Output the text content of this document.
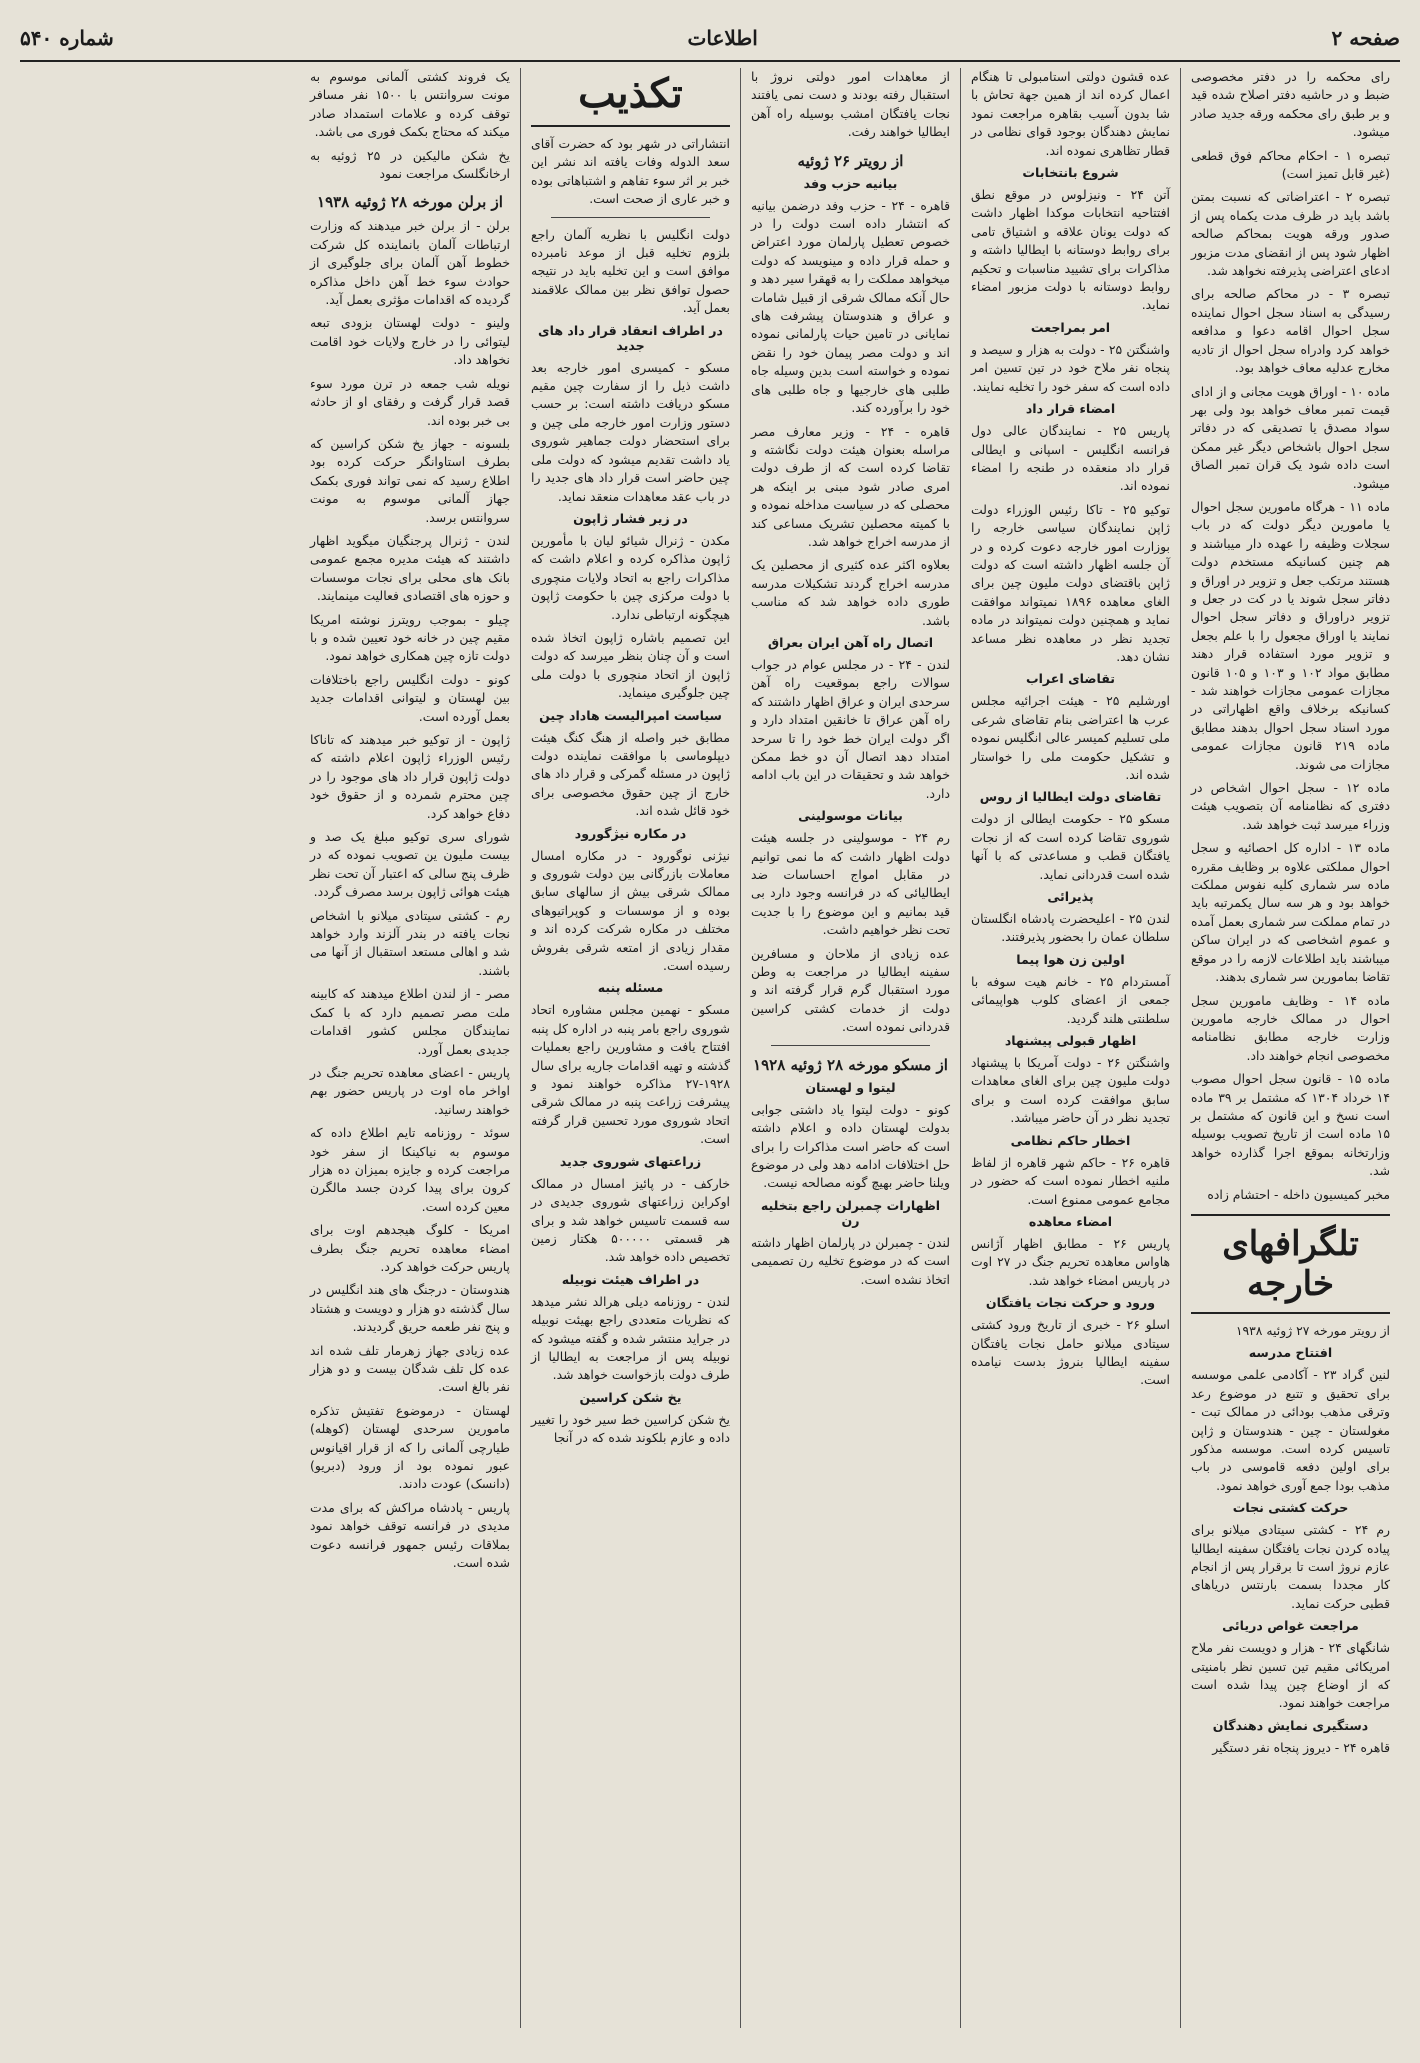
صفحه ۲
اطلاعات
شماره ۵۴۰

رای محکمه را در دفتر مخصوصی ضبط و در حاشیه دفتر اصلاح شده قید و بر طبق رای محکمه ورقه جدید صادر میشود.

تبصره ۱ - احکام محاکم فوق قطعی (غیر قابل تمیز است)

تبصره ۲ - اعتراضاتی که نسبت بمتن باشد باید در ظرف مدت یکماه پس از صدور ورقه هویت بمحاکم صالحه اظهار شود پس از انقضای مدت مزبور ادعای اعتراضی پذیرفته نخواهد شد.

تبصره ۳ - در محاکم صالحه برای رسیدگی به اسناد سجل احوال نماینده سجل احوال اقامه دعوا و مدافعه خواهد کرد وادراه سجل احوال از تادیه مخارج عدلیه معاف خواهد بود.

ماده ۱۰ - اوراق هویت مجانی و از ادای قیمت تمبر معاف خواهد بود ولی بهر سواد مصدق یا تصدیقی که در دفاتر سجل احوال باشخاص دیگر غیر ممکن است داده شود یک قران تمبر الصاق میشود.

ماده ۱۱ - هرگاه مامورین سجل احوال یا مامورین دیگر دولت که در باب سجلات وظیفه را عهده دار میباشند و هم چنین کسانیکه مستخدم دولت هستند مرتکب جعل و تزویر در اوراق و دفاتر سجل شوند یا در کت در جعل و تزویر دراوراق و دفاتر سجل احوال نمایند یا اوراق مجعول را با علم بجعل و تزویر مورد استفاده قرار دهند مطابق مواد ۱۰۲ و ۱۰۳ و ۱۰۵ قانون مجازات عمومی مجازات خواهند شد - کسانیکه برخلاف واقع اظهاراتی در مورد اسناد سجل احوال بدهند مطابق ماده ۲۱۹ قانون مجازات عمومی مجازات می شوند.

ماده ۱۲ - سجل احوال اشخاص در دفتری که نظامنامه آن بتصویب هیئت وزراء میرسد ثبت خواهد شد.

ماده ۱۳ - اداره کل احصائیه و سجل احوال مملکتی علاوه بر وظایف مقرره ماده سر شماری کلیه نفوس مملکت خواهد بود و هر سه سال یکمرتبه باید در تمام مملکت سر شماری بعمل آمده و عموم اشخاصی که در ایران ساکن میباشند باید اطلاعات لازمه را در موقع تقاضا بمامورین سر شماری بدهند.

ماده ۱۴ - وظایف مامورین سجل احوال در ممالک خارجه مامورین وزارت خارجه مطابق نظامنامه مخصوصی انجام خواهند داد.

ماده ۱۵ - قانون سجل احوال مصوب ۱۴ خرداد ۱۳۰۴ که مشتمل بر ۳۹ ماده است نسخ و این قانون که مشتمل بر ۱۵ ماده است از تاریخ تصویب بوسیله وزارتخانه بموقع اجرا گذارده خواهد شد.

مخبر کمیسیون داخله - احتشام زاده

تلگرافهای خارجه

از رویتر مورخه ۲۷ ژوئیه ۱۹۳۸

افتتاح مدرسه

لنین گراد ۲۳ - آکادمی علمی موسسه برای تحقیق و تتبع در موضوع رعد وترقی مذهب بودائی در ممالک تبت - مغولستان - چین - هندوستان و ژاپن تاسیس کرده است. موسسه مذکور برای اولین دفعه قاموسی در باب مذهب بودا جمع آوری خواهد نمود.

حرکت کشتی نجات

رم ۲۴ - کشتی سیتادی میلانو برای پیاده کردن نجات یافتگان سفینه ایطالیا عازم نروژ است تا برقرار پس از انجام کار مجددا بسمت بارنتس دریاهای قطبی حرکت نماید.

مراجعت غواص دریائی

شانگهای ۲۴ - هزار و دویست نفر ملاح امریکائی مقیم تین تسین نظر بامنیتی که از اوضاع چین پیدا شده است مراجعت خواهند نمود.

دستگیری نمایش دهندگان

قاهره ۲۴ - دیروز پنجاه نفر دستگیر

عده قشون دولتی استامبولی تا هنگام اعمال کرده اند از همین جهة تحاش با شا بدون آسیب بقاهره مراجعت نمود نمایش دهندگان بوجود قوای نظامی در قطار تظاهری نموده اند.

شروع بانتخابات

آتن ۲۴ - ونیزلوس در موقع نطق افتتاحیه انتخابات موکدا اظهار داشت که دولت یونان علاقه و اشتیاق تامی برای روابط دوستانه با ایطالیا داشته و مذاکرات برای تشیید مناسبات و تحکیم روابط دوستانه با دولت مزبور امضاء نماید.

امر بمراجعت

واشنگتن ۲۵ - دولت به هزار و سیصد و پنجاه نفر ملاح خود در تین تسین امر داده است که سفر خود را تخلیه نمایند.

امضاء قرار داد

پاریس ۲۵ - نمایندگان عالی دول فرانسه انگلیس - اسپانی و ایطالی قرار داد منعقده در طنجه را امضاء نموده اند.

توکیو ۲۵ - تاکا رئیس الوزراء دولت ژاپن نمایندگان سیاسی خارجه را بوزارت امور خارجه دعوت کرده و در آن جلسه اظهار داشته است که دولت ژاپن باقتضای دولت ملیون چین برای الغای معاهده ۱۸۹۶ نمیتواند موافقت نماید و همچنین دولت نمیتواند در ماده تجدید نظر در معاهده نظر مساعد نشان دهد.

تقاضای اعراب

اورشلیم ۲۵ - هیئت اجرائیه مجلس عرب ها اعتراضی بنام تقاضای شرعی ملی تسلیم کمیسر عالی انگلیس نموده و تشکیل حکومت ملی را خواستار شده اند.

تقاضای دولت ایطالیا از روس

مسکو ۲۵ - حکومت ایطالی از دولت شوروی تقاضا کرده است که از نجات یافتگان قطب و مساعدتی که با آنها شده است قدردانی نماید.

پذیرائی

لندن ۲۵ - اعلیحضرت پادشاه انگلستان سلطان عمان را بحضور پذیرفتند.

اولین زن هوا پیما

آمستردام ۲۵ - خانم هیت سوفه با جمعی از اعضای کلوب هواپیمائی سلطنتی هلند گردید.

اظهار قبولی پیشنهاد

واشنگتن ۲۶ - دولت آمریکا با پیشنهاد دولت ملیون چین برای الغای معاهدات سابق موافقت کرده است و برای تجدید نظر در آن حاضر میباشد.

اخطار حاکم نظامی

قاهره ۲۶ - حاکم شهر قاهره از لفاظ ملنیه اخطار نموده است که حضور در مجامع عمومی ممنوع است.

امضاء معاهده

پاریس ۲۶ - مطابق اظهار آژانس هاواس معاهده تحریم جنگ در ۲۷ اوت در پاریس امضاء خواهد شد.

ورود و حرکت نجات یافتگان

اسلو ۲۶ - خبری از تاریخ ورود کشتی سیتادی میلانو حامل نجات یافتگان سفینه ایطالیا بنروژ بدست نیامده است.

از معاهدات امور دولتی نروژ با استقبال رفته بودند و دست نمی یافتند نجات یافتگان امشب بوسیله راه آهن ایطالیا خواهند رفت.

از رویتر ۲۶ ژوئیه
بیانیه حزب وفد

قاهره - ۲۴ - حزب وفد درضمن بیانیه که انتشار داده است دولت را در خصوص تعطیل پارلمان مورد اعتراض و حمله قرار داده و مینویسد که دولت میخواهد مملکت را به قهقرا سیر دهد و حال آنکه ممالک شرقی از قبیل شامات و عراق و هندوستان پیشرفت های نمایانی در تامین حیات پارلمانی نموده اند و دولت مصر پیمان خود را نقض نموده و خواسته است بدین وسیله جاه طلبی های خارجیها و جاه طلبی های خود را برآورده کند.

قاهره - ۲۴ - وزیر معارف مصر مراسله بعنوان هیئت دولت نگاشته و تقاضا کرده است که از طرف دولت امری صادر شود مبنی بر اینکه هر محصلی که در سیاست مداخله نموده و با کمیته محصلین تشریک مساعی کند از مدرسه اخراج خواهد شد.

بعلاوه اکثر عده کثیری از محصلین یک مدرسه اخراج گردند تشکیلات مدرسه طوری داده خواهد شد که مناسب باشد.

اتصال راه آهن ایران بعراق

لندن - ۲۴ - در مجلس عوام در جواب سوالات راجع بموقعیت راه آهن سرحدی ایران و عراق اظهار داشتند که راه آهن عراق تا خانقین امتداد دارد و اگر دولت ایران خط خود را تا سرحد امتداد دهد اتصال آن دو خط ممکن خواهد شد و تحقیقات در این باب ادامه دارد.

بیانات موسولینی

رم ۲۴ - موسولینی در جلسه هیئت دولت اظهار داشت که ما نمی توانیم در مقابل امواج احساسات ضد ایطالیائی که در فرانسه وجود دارد بی قید بمانیم و این موضوع را با جدیت تحت نظر خواهیم داشت.

عده زیادی از ملاحان و مسافرین سفینه ایطالیا در مراجعت به وطن مورد استقبال گرم قرار گرفته اند و دولت از خدمات کشتی کراسین قدردانی نموده است.

از مسکو مورخه ۲۸ ژوئیه ۱۹۲۸
لیتوا و لهستان

کونو - دولت لیتوا یاد داشتی جوابی بدولت لهستان داده و اعلام داشته است که حاضر است مذاکرات را برای حل اختلافات ادامه دهد ولی در موضوع ویلنا حاضر بهیچ گونه مصالحه نیست.

اظهارات چمبرلن راجع بتخلیه رن

لندن - چمبرلن در پارلمان اظهار داشته است که در موضوع تخلیه رن تصمیمی اتخاذ نشده است.

تکذیب

انتشاراتی در شهر بود که حضرت آقای سعد الدوله وفات یافته اند نشر این خبر بر اثر سوء تفاهم و اشتباهاتی بوده و خبر عاری از صحت است.

دولت انگلیس با نظریه آلمان راجع بلزوم تخلیه قبل از موعد نامبرده موافق است و این تخلیه باید در نتیجه حصول توافق نظر بین ممالک علاقمند بعمل آید.

در اطراف انعقاد قرار داد های جدید

مسکو - کمیسری امور خارجه بعد داشت ذیل را از سفارت چین مقیم مسکو دریافت داشته است: بر حسب دستور وزارت امور خارجه ملی چین و برای استحضار دولت جماهیر شوروی یاد داشت تقدیم میشود که دولت ملی چین حاضر است قرار داد های جدید را در باب عقد معاهدات منعقد نماید.

در زیر فشار ژاپون

مکدن - ژنرال شیائو لیان با مأمورین ژاپون مذاکره کرده و اعلام داشت که مذاکرات راجع به اتحاد ولایات منچوری با دولت مرکزی چین با حکومت ژاپون هیچگونه ارتباطی ندارد.

این تصمیم باشاره ژاپون اتخاذ شده است و آن چنان بنظر میرسد که دولت ژاپون از اتحاد منچوری با دولت ملی چین جلوگیری مینماید.

سیاست امپرالیست هاداد چین

مطابق خبر واصله از هنگ کنگ هیئت دیپلوماسی با موافقت نماینده دولت ژاپون در مسئله گمرکی و قرار داد های خارج از چین حقوق مخصوصی برای خود قائل شده اند.

در مکاره نیژگورود

نیژنی نوگورود - در مکاره امسال معاملات بازرگانی بین دولت شوروی و ممالک شرقی بیش از سالهای سابق بوده و از موسسات و کوپراتیوهای مختلف در مکاره شرکت کرده اند و مقدار زیادی از امتعه شرقی بفروش رسیده است.

مسئله پنبه

مسکو - نهمین مجلس مشاوره اتحاد شوروی راجع بامر پنبه در اداره کل پنبه افتتاح یافت و مشاورین راجع بعملیات گذشته و تهیه اقدامات جاریه برای سال ۱۹۲۸-۲۷ مذاکره خواهند نمود و پیشرفت زراعت پنبه در ممالک شرقی اتحاد شوروی مورد تحسین قرار گرفته است.

زراعتهای شوروی جدید

خارکف - در پائیز امسال در ممالک اوکراین زراعتهای شوروی جدیدی در سه قسمت تاسیس خواهد شد و برای هر قسمتی ۵۰۰۰۰۰ هکتار زمین تخصیص داده خواهد شد.

در اطراف هیئت نوبیله

لندن - روزنامه دیلی هرالد نشر میدهد که نظریات متعددی راجع بهیئت نوبیله در جراید منتشر شده و گفته میشود که نوبیله پس از مراجعت به ایطالیا از طرف دولت بازخواست خواهد شد.

یخ شکن کراسین

یخ شکن کراسین خط سیر خود را تغییر داده و عازم بلکوند شده که در آنجا

یک فروند کشتی آلمانی موسوم به مونت سروانتس با ۱۵۰۰ نفر مسافر توقف کرده و علامات استمداد صادر میکند که محتاج بکمک فوری می باشد.

یخ شکن مالیکین در ۲۵ ژوئیه به ارخانگلسک مراجعت نمود

از برلن مورخه ۲۸ ژوئیه ۱۹۳۸

برلن - از برلن خبر میدهند که وزارت ارتباطات آلمان بانماینده کل شرکت خطوط آهن آلمان برای جلوگیری از حوادث سوء خط آهن داخل مذاکره گردیده که اقدامات مؤثری بعمل آید.

ولینو - دولت لهستان بزودی تبعه لیتوائی را در خارج ولایات خود اقامت نخواهد داد.

نویله شب جمعه در ترن مورد سوء قصد قرار گرفت و رفقای او از حادثه بی خبر بوده اند.

بلسونه - جهاز یخ شکن کراسین که بطرف استاوانگر حرکت کرده بود اطلاع رسید که نمی تواند فوری بکمک جهاز آلمانی موسوم به مونت سروانتس برسد.

لندن - ژنرال پرجنگیان میگوید اظهار داشتند که هیئت مدیره مجمع عمومی بانک های محلی برای نجات موسسات و حوزه های اقتصادی فعالیت مینمایند.

چیلو - بموجب رویترز نوشته امریکا مقیم چین در خانه خود تعیین شده و با دولت تازه چین همکاری خواهد نمود.

کونو - دولت انگلیس راجع باختلافات بین لهستان و لیتوانی اقدامات جدید بعمل آورده است.

ژاپون - از توکیو خبر میدهند که تاناکا رئیس الوزراء ژاپون اعلام داشته که دولت ژاپون قرار داد های موجود را در چین محترم شمرده و از حقوق خود دفاع خواهد کرد.

شورای سری توکیو مبلغ یک صد و بیست ملیون ین تصویب نموده که در ظرف پنج سالی که اعتبار آن تحت نظر هیئت هوائی ژاپون برسد مصرف گردد.

رم - کشتی سیتادی میلانو با اشخاص نجات یافته در بندر آلزند وارد خواهد شد و اهالی مستعد استقبال از آنها می باشند.

مصر - از لندن اطلاع میدهند که کابینه ملت مصر تصمیم دارد که با کمک نمایندگان مجلس کشور اقدامات جدیدی بعمل آورد.

پاریس - اعضای معاهده تحریم جنگ در اواخر ماه اوت در پاریس حضور بهم خواهند رسانید.

سوئد - روزنامه تایم اطلاع داده که موسوم به نیاکینکا از سفر خود مراجعت کرده و جایزه بمیزان ده هزار کرون برای پیدا کردن جسد مالگرن معین کرده است.

امریکا - کلوگ هیجدهم اوت برای امضاء معاهده تحریم جنگ بطرف پاریس حرکت خواهد کرد.

هندوستان - درجنگ های هند انگلیس در سال گذشته دو هزار و دویست و هشتاد و پنج نفر طعمه حریق گردیدند.

عده زیادی جهاز زهرمار تلف شده اند عده کل تلف شدگان بیست و دو هزار نفر بالغ است.

لهستان - درموضوع تفتیش تذکره مامورین سرحدی لهستان (کوهله) طیارچی آلمانی را که از قرار اقیانوس عبور نموده بود از ورود (دبریو) (دانسک) عودت دادند.

پاریس - پادشاه مراکش که برای مدت مدیدی در فرانسه توقف خواهد نمود بملاقات رئیس جمهور فرانسه دعوت شده است.
